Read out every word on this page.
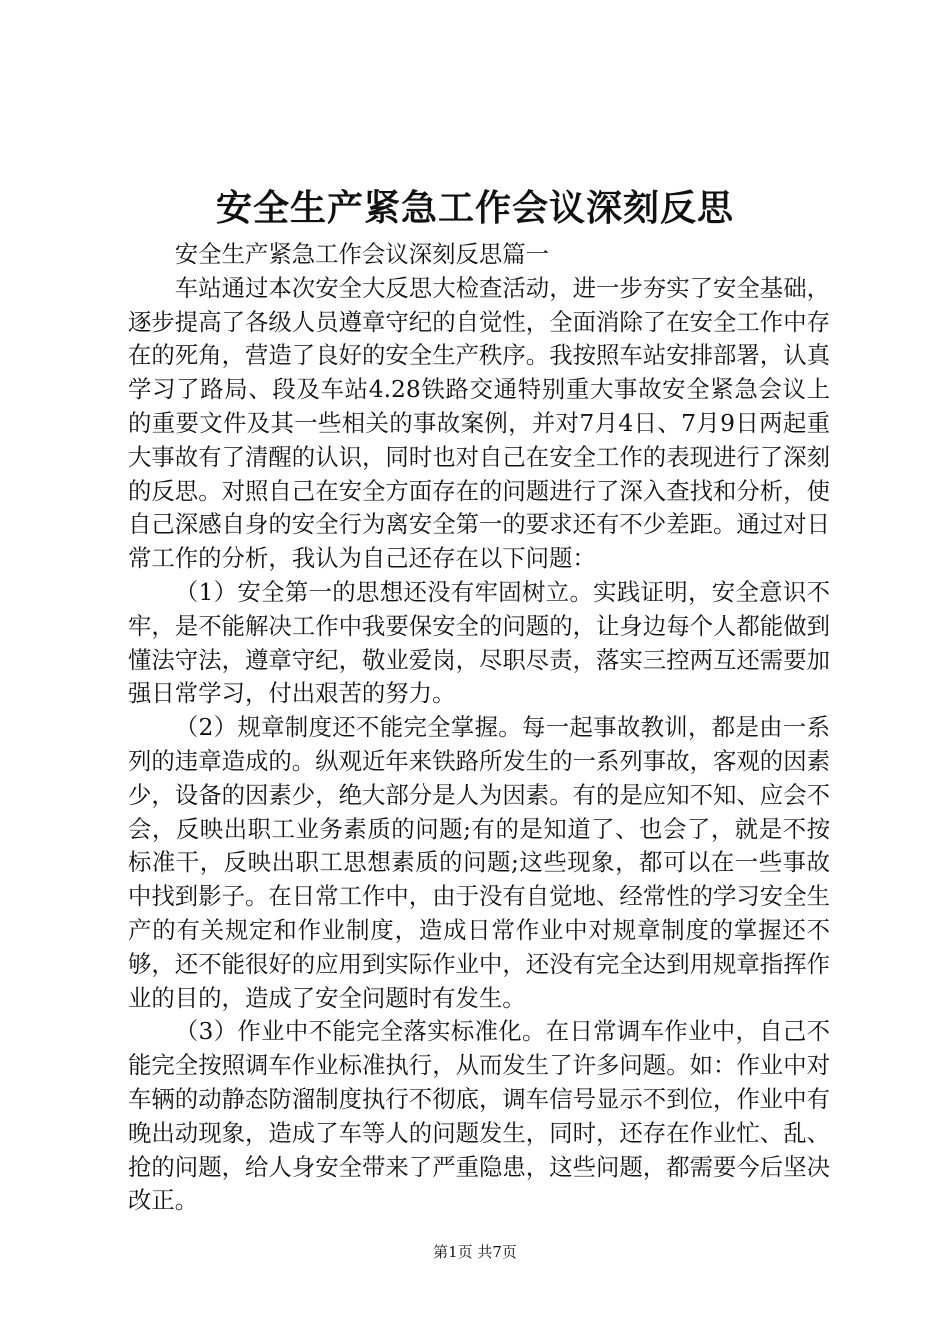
安全生产紧急工作会议深刻反思

安全生产紧急工作会议深刻反思篇一

车站通过本次安全大反思大检查活动，进一步夯实了安全基础，逐步提高了各级人员遵章守纪的自觉性，全面消除了在安全工作中存在的死角，营造了良好的安全生产秩序。我按照车站安排部署，认真学习了路局、段及车站4.28铁路交通特别重大事故安全紧急会议上的重要文件及其一些相关的事故案例，并对7月4日、7月9日两起重大事故有了清醒的认识，同时也对自己在安全工作的表现进行了深刻的反思。对照自己在安全方面存在的问题进行了深入查找和分析，使自己深感自身的安全行为离安全第一的要求还有不少差距。通过对日常工作的分析，我认为自己还存在以下问题：

（1）安全第一的思想还没有牢固树立。实践证明，安全意识不牢，是不能解决工作中我要保安全的问题的，让身边每个人都能做到懂法守法，遵章守纪，敬业爱岗，尽职尽责，落实三控两互还需要加强日常学习，付出艰苦的努力。

（2）规章制度还不能完全掌握。每一起事故教训，都是由一系列的违章造成的。纵观近年来铁路所发生的一系列事故，客观的因素少，设备的因素少，绝大部分是人为因素。有的是应知不知、应会不会，反映出职工业务素质的问题;有的是知道了、也会了，就是不按标准干，反映出职工思想素质的问题;这些现象，都可以在一些事故中找到影子。在日常工作中，由于没有自觉地、经常性的学习安全生产的有关规定和作业制度，造成日常作业中对规章制度的掌握还不够，还不能很好的应用到实际作业中，还没有完全达到用规章指挥作业的目的，造成了安全问题时有发生。

（3）作业中不能完全落实标准化。在日常调车作业中，自己不能完全按照调车作业标准执行，从而发生了许多问题。如：作业中对车辆的动静态防溜制度执行不彻底，调车信号显示不到位，作业中有晚出动现象，造成了车等人的问题发生，同时，还存在作业忙、乱、抢的问题，给人身安全带来了严重隐患，这些问题，都需要今后坚决改正。

第1页 共7页
